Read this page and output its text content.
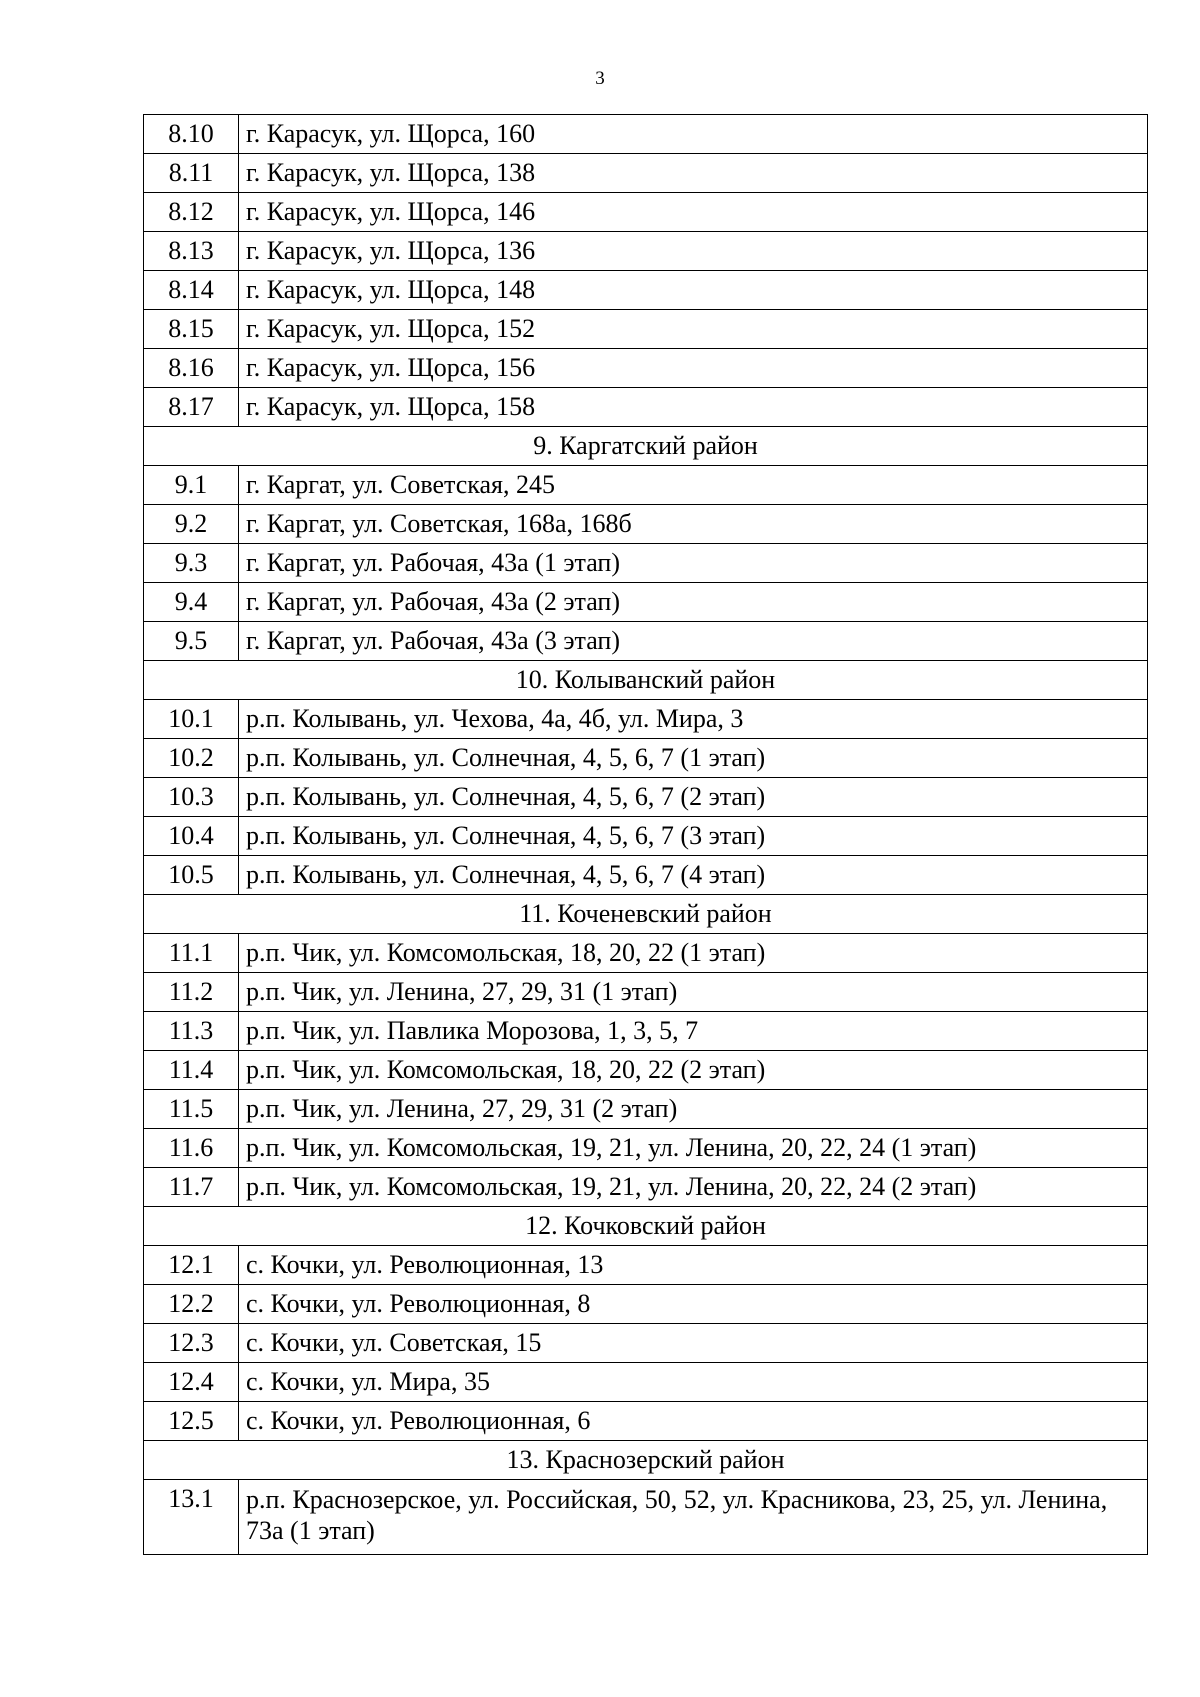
3
8.10	г. Карасук, ул. Щорса, 160
8.11	г. Карасук, ул. Щорса, 138
8.12	г. Карасук, ул. Щорса, 146
8.13	г. Карасук, ул. Щорса, 136
8.14	г. Карасук, ул. Щорса, 148
8.15	г. Карасук, ул. Щорса, 152
8.16	г. Карасук, ул. Щорса, 156
8.17	г. Карасук, ул. Щорса, 158
9. Каргатский район	
9.1	г. Каргат, ул. Советская, 245
9.2	г. Каргат, ул. Советская, 168а, 168б
9.3	г. Каргат, ул. Рабочая, 43а (1 этап)
9.4	г. Каргат, ул. Рабочая, 43а (2 этап)
9.5	г. Каргат, ул. Рабочая, 43а (3 этап)
10. Колыванский район	
10.1	р.п. Колывань, ул. Чехова, 4а, 4б, ул. Мира, 3
10.2	р.п. Колывань, ул. Солнечная, 4, 5, 6, 7 (1 этап)
10.3	р.п. Колывань, ул. Солнечная, 4, 5, 6, 7 (2 этап)
10.4	р.п. Колывань, ул. Солнечная, 4, 5, 6, 7 (3 этап)
10.5	р.п. Колывань, ул. Солнечная, 4, 5, 6, 7 (4 этап)
11. Коченевский район	
11.1	р.п. Чик, ул. Комсомольская, 18, 20, 22 (1 этап)
11.2	р.п. Чик, ул. Ленина, 27, 29, 31 (1 этап)
11.3	р.п. Чик, ул. Павлика Морозова, 1, 3, 5, 7
11.4	р.п. Чик, ул. Комсомольская, 18, 20, 22 (2 этап)
11.5	р.п. Чик, ул. Ленина, 27, 29, 31 (2 этап)
11.6	р.п. Чик, ул. Комсомольская, 19, 21, ул. Ленина, 20, 22, 24 (1 этап)
11.7	р.п. Чик, ул. Комсомольская, 19, 21, ул. Ленина, 20, 22, 24 (2 этап)
12. Кочковский район	
12.1	с. Кочки, ул. Революционная, 13
12.2	с. Кочки, ул. Революционная, 8
12.3	с. Кочки, ул. Советская, 15
12.4	с. Кочки, ул. Мира, 35
12.5	с. Кочки, ул. Революционная, 6
13. Краснозерский район	
13.1	р.п. Краснозерское, ул. Российская, 50, 52, ул. Красникова, 23, 25, ул. Ленина, 73а (1 этап)
